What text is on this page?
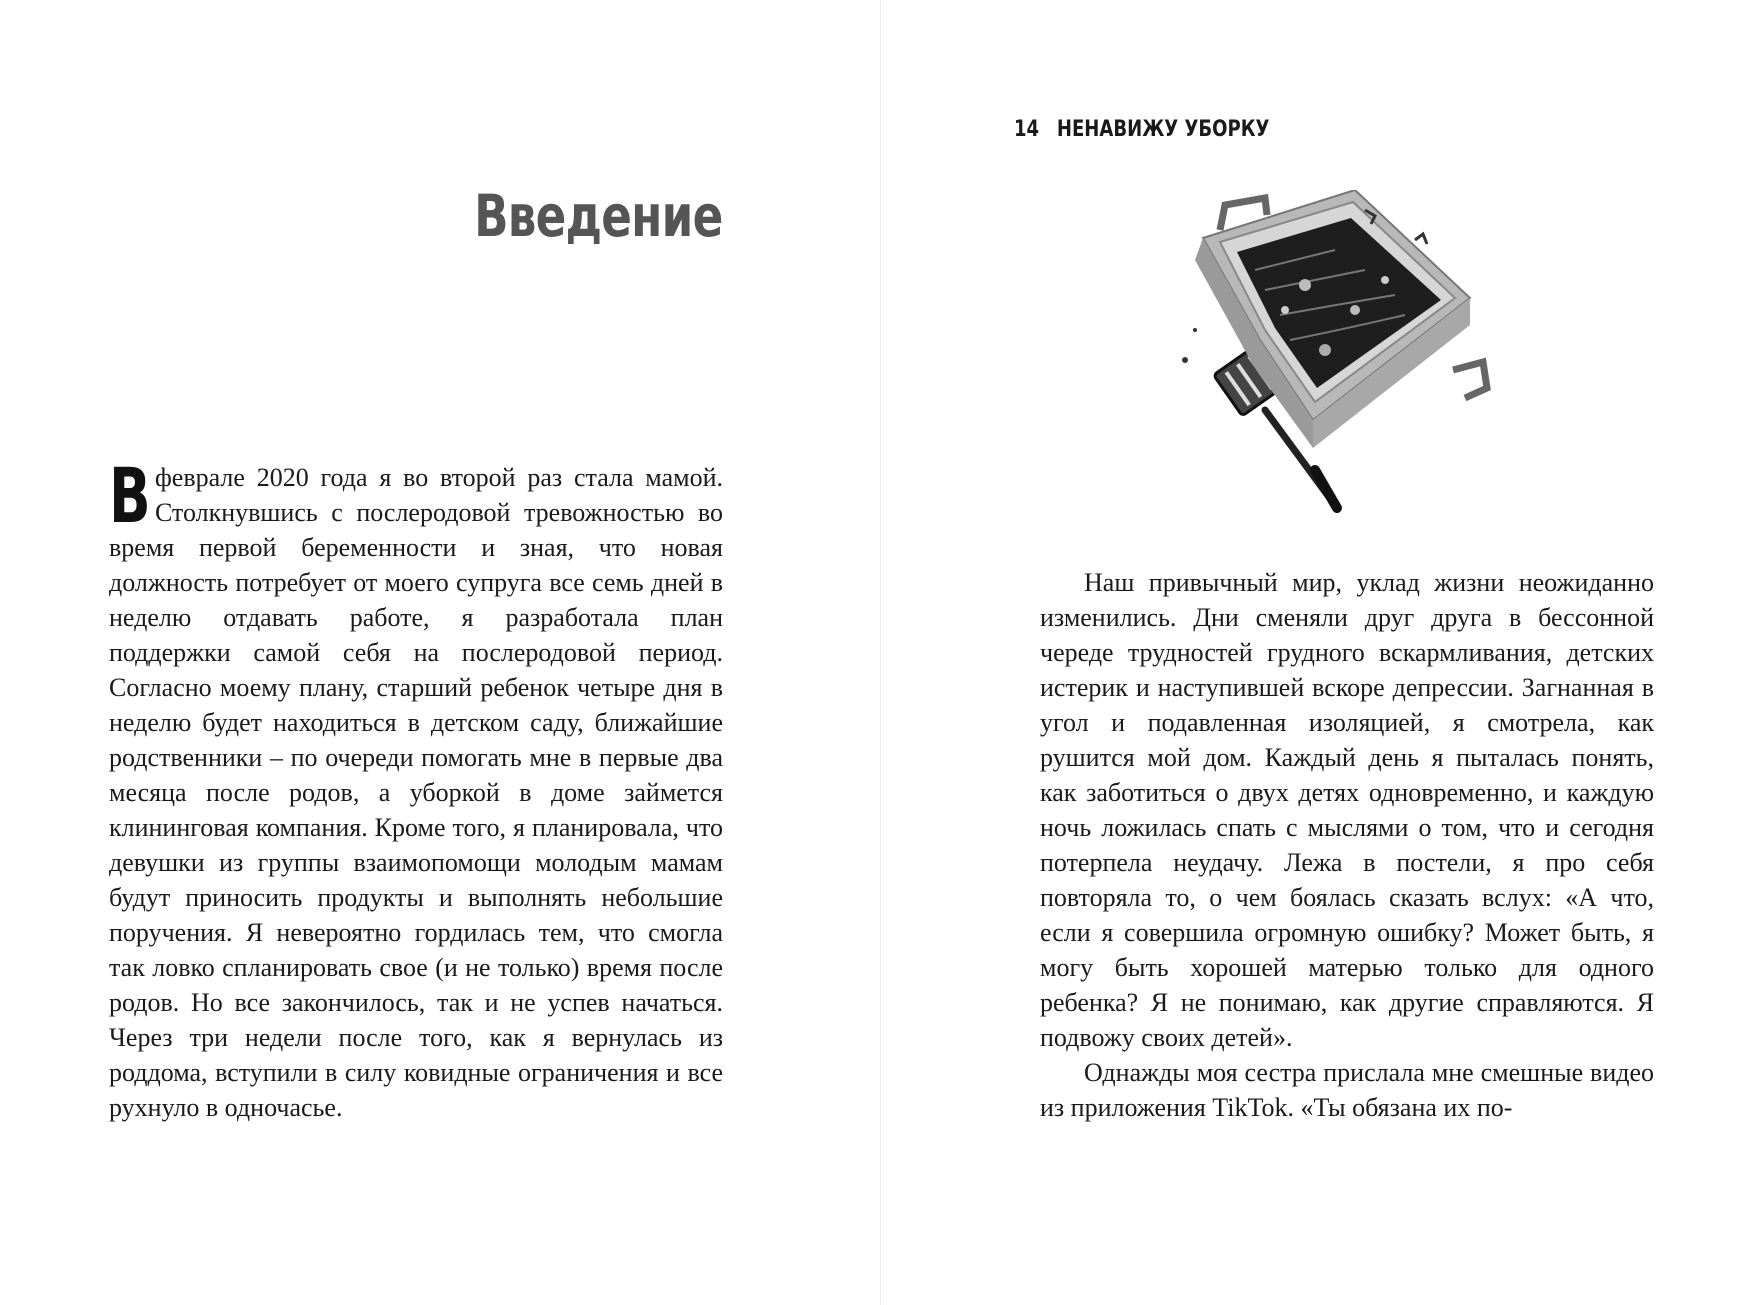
Введение
В феврале 2020 года я во второй раз стала мамой. Столкнувшись с послеродовой тревожностью во время первой беременности и зная, что новая должность потребует от моего супруга все семь дней в неделю отдавать работе, я разработала план поддержки самой себя на послеродовой период. Согласно моему плану, старший ребенок четыре дня в неделю будет находиться в детском саду, ближайшие родственники – по очереди помогать мне в первые два месяца после родов, а уборкой в доме займется клининговая компания. Кроме того, я планировала, что девушки из группы взаимопомощи молодым мамам будут приносить продукты и выполнять небольшие поручения. Я невероятно гордилась тем, что смогла так ловко спланировать свое (и не только) время после родов. Но все закончилось, так и не успев начаться. Через три недели после того, как я вернулась из роддома, вступили в силу ковидные ограничения и все рухнуло в одночасье.
14 НЕНАВИЖУ УБОРКУ

Наш привычный мир, уклад жизни неожиданно изменились. Дни сменяли друг друга в бессонной череде трудностей грудного вскармливания, детских истерик и наступившей вскоре депрессии. Загнанная в угол и подавленная изоляцией, я смотрела, как рушится мой дом. Каждый день я пыталась понять, как заботиться о двух детях одновременно, и каждую ночь ложилась спать с мыслями о том, что и сегодня потерпела неудачу. Лежа в постели, я про себя повторяла то, о чем боялась сказать вслух: «А что, если я совершила огромную ошибку? Может быть, я могу быть хорошей матерью только для одного ребенка? Я не понимаю, как другие справляются. Я подвожу своих детей».

Однажды моя сестра прислала мне смешные видео из приложения TikTok. «Ты обязана их по-
